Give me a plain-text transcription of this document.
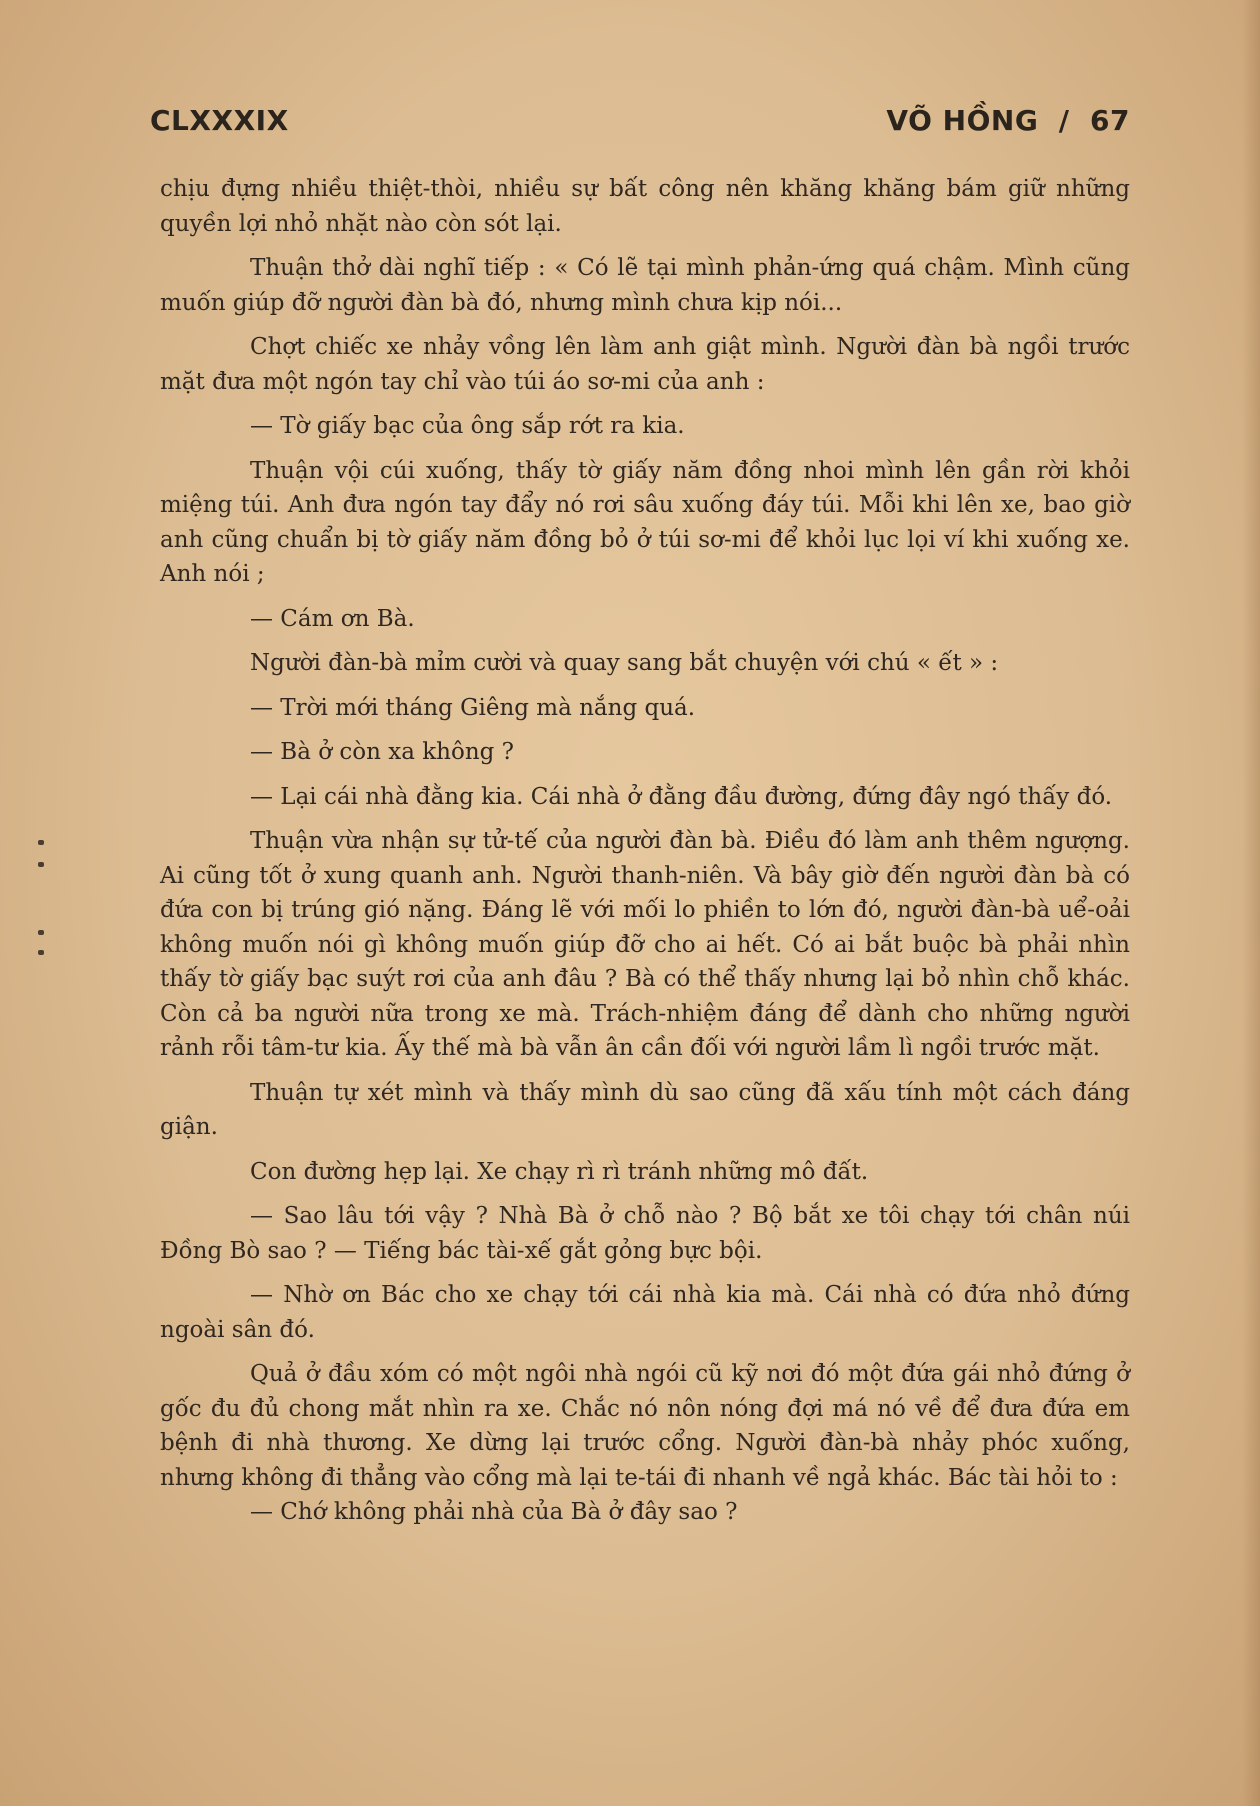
CLXXXIX	VÕ HỒNG  /  67

chịu đựng nhiều thiệt-thòi, nhiều sự bất công nên khăng khăng bám giữ những quyền lợi nhỏ nhặt nào còn sót lại.

Thuận thở dài nghĩ tiếp : « Có lẽ tại mình phản-ứng quá chậm. Mình cũng muốn giúp đỡ người đàn bà đó, nhưng mình chưa kịp nói...

Chợt chiếc xe nhảy vồng lên làm anh giật mình. Người đàn bà ngồi trước mặt đưa một ngón tay chỉ vào túi áo sơ-mi của anh :

— Tờ giấy bạc của ông sắp rớt ra kia.

Thuận vội cúi xuống, thấy tờ giấy năm đồng nhoi mình lên gần rời khỏi miệng túi. Anh đưa ngón tay đẩy nó rơi sâu xuống đáy túi. Mỗi khi lên xe, bao giờ anh cũng chuẩn bị tờ giấy năm đồng bỏ ở túi sơ-mi để khỏi lục lọi ví khi xuống xe. Anh nói ;

— Cám ơn Bà.

Người đàn-bà mỉm cười và quay sang bắt chuyện với chú « ết » :

— Trời mới tháng Giêng mà nắng quá.

— Bà ở còn xa không ?

— Lại cái nhà đằng kia. Cái nhà ở đằng đầu đường, đứng đây ngó thấy đó.

Thuận vừa nhận sự tử-tế của người đàn bà. Điều đó làm anh thêm ngượng. Ai cũng tốt ở xung quanh anh. Người thanh-niên. Và bây giờ đến người đàn bà có đứa con bị trúng gió nặng. Đáng lẽ với mối lo phiền to lớn đó, người đàn-bà uể-oải không muốn nói gì không muốn giúp đỡ cho ai hết. Có ai bắt buộc bà phải nhìn thấy tờ giấy bạc suýt rơi của anh đâu ? Bà có thể thấy nhưng lại bỏ nhìn chỗ khác. Còn cả ba người nữa trong xe mà. Trách-nhiệm đáng để dành cho những người rảnh rỗi tâm-tư kia. Ấy thế mà bà vẫn ân cần đối với người lầm lì ngồi trước mặt.

Thuận tự xét mình và thấy mình dù sao cũng đã xấu tính một cách đáng giận.

Con đường hẹp lại. Xe chạy rì rì tránh những mô đất.

— Sao lâu tới vậy ? Nhà Bà ở chỗ nào ? Bộ bắt xe tôi chạy tới chân núi Đồng Bò sao ? — Tiếng bác tài-xế gắt gỏng bực bội.

— Nhờ ơn Bác cho xe chạy tới cái nhà kia mà. Cái nhà có đứa nhỏ đứng ngoài sân đó.

Quả ở đầu xóm có một ngôi nhà ngói cũ kỹ nơi đó một đứa gái nhỏ đứng ở gốc đu đủ chong mắt nhìn ra xe. Chắc nó nôn nóng đợi má nó về để đưa đứa em bệnh đi nhà thương. Xe dừng lại trước cổng. Người đàn-bà nhảy phóc xuống, nhưng không đi thẳng vào cổng mà lại te-tái đi nhanh về ngả khác. Bác tài hỏi to :

— Chớ không phải nhà của Bà ở đây sao ?
